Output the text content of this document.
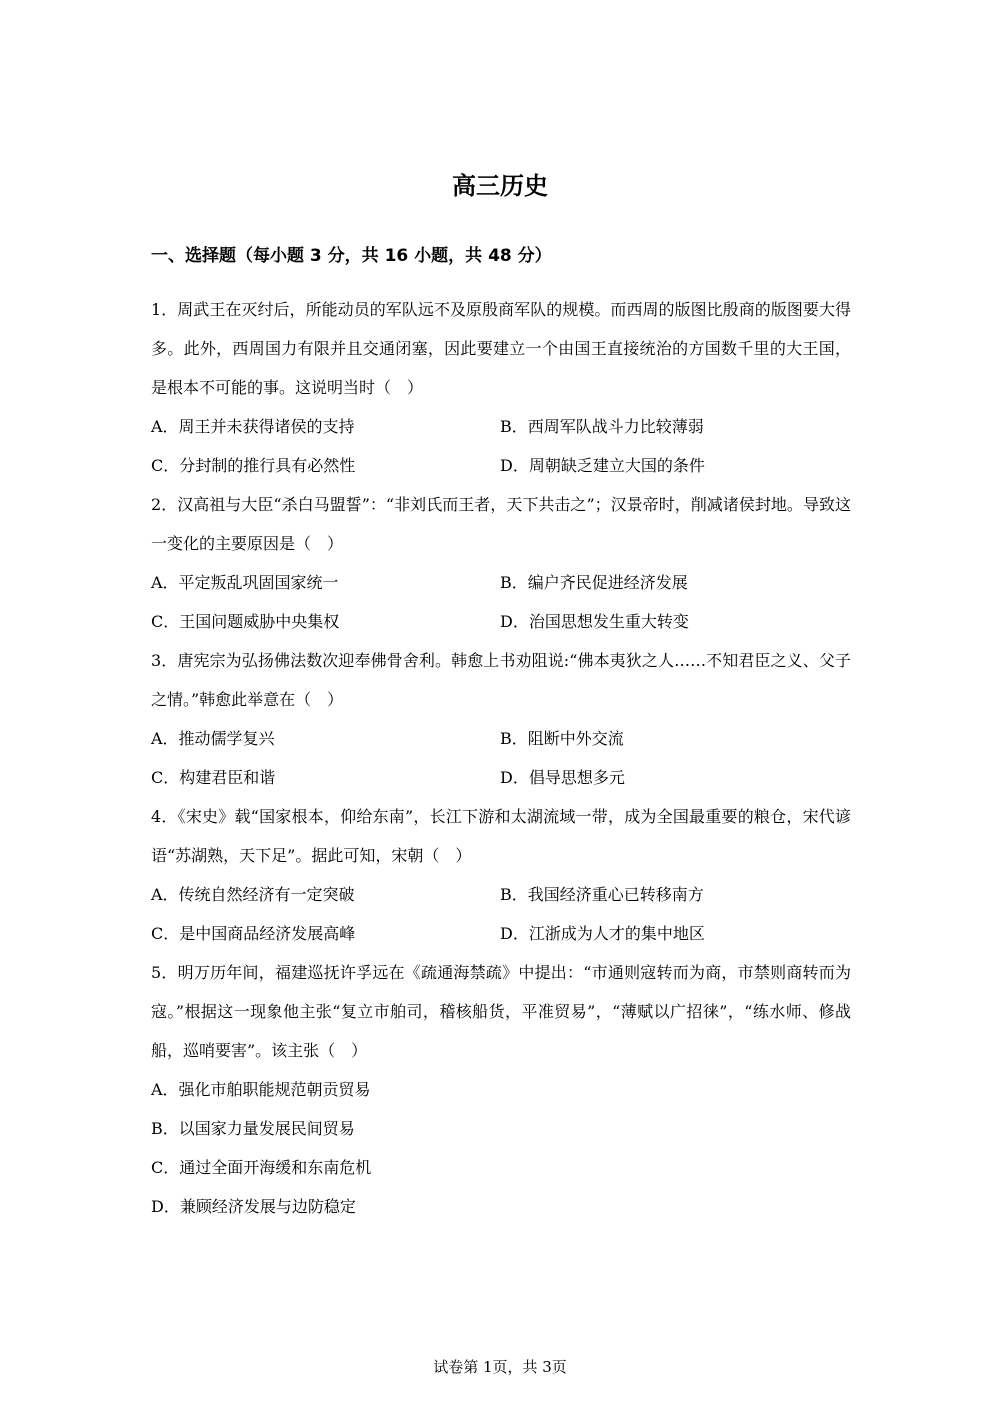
高三历史
一、选择题（每小题 3 分，共 16 小题，共 48 分）

1．周武王在灭纣后，所能动员的军队远不及原殷商军队的规模。而西周的版图比殷商的版图要大得多。此外，西周国力有限并且交通闭塞，因此要建立一个由国王直接统治的方国数千里的大王国，是根本不可能的事。这说明当时（　）

A．周王并未获得诸侯的支持	B．西周军队战斗力比较薄弱
C．分封制的推行具有必然性	D．周朝缺乏建立大国的条件

2．汉高祖与大臣“杀白马盟誓”：“非刘氏而王者，天下共击之”；汉景帝时，削减诸侯封地。导致这一变化的主要原因是（　）

A．平定叛乱巩固国家统一	B．编户齐民促进经济发展
C．王国问题威胁中央集权	D．治国思想发生重大转变

3．唐宪宗为弘扬佛法数次迎奉佛骨舍利。韩愈上书劝阻说:“佛本夷狄之人……不知君臣之义、父子之情。”韩愈此举意在（　）

A．推动儒学复兴	B．阻断中外交流
C．构建君臣和谐	D．倡导思想多元

4．《宋史》载“国家根本，仰给东南”，长江下游和太湖流域一带，成为全国最重要的粮仓，宋代谚语“苏湖熟，天下足”。据此可知，宋朝（　）

A．传统自然经济有一定突破	B．我国经济重心已转移南方
C．是中国商品经济发展高峰	D．江浙成为人才的集中地区

5．明万历年间，福建巡抚许孚远在《疏通海禁疏》中提出：“市通则寇转而为商，市禁则商转而为寇。”根据这一现象他主张“复立市舶司，稽核船货，平准贸易”，“薄赋以广招徕”，“练水师、修战船，巡哨要害”。该主张（　）

A．强化市舶职能规范朝贡贸易
B．以国家力量发展民间贸易
C．通过全面开海缓和东南危机
D．兼顾经济发展与边防稳定
试卷第 1页，共 3页
